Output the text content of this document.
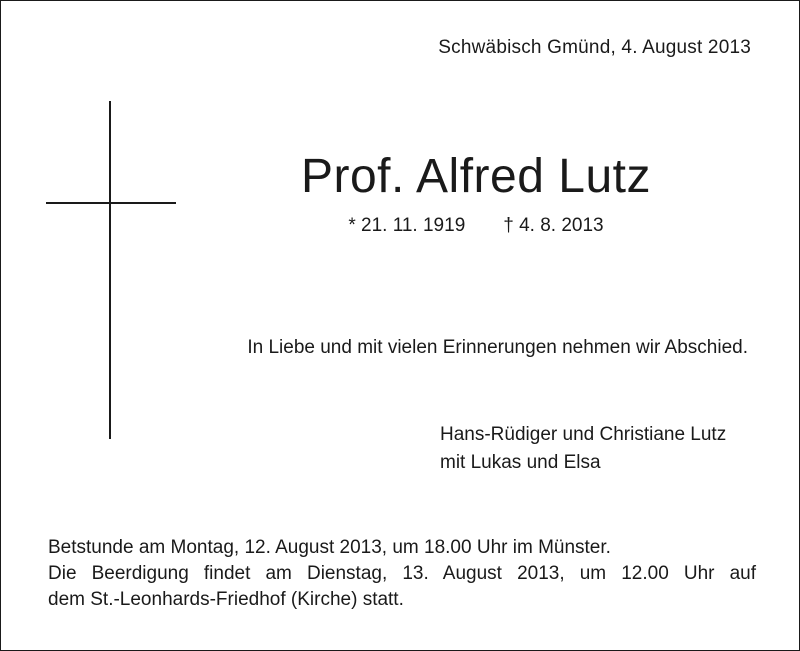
Schwäbisch Gmünd, 4. August 2013
Prof. Alfred Lutz
* 21. 11. 1919 † 4. 8. 2013
In Liebe und mit vielen Erinnerungen nehmen wir Abschied.
Hans-Rüdiger und Christiane Lutz
mit Lukas und Elsa
Betstunde am Montag, 12. August 2013, um 18.00 Uhr im Münster.
Die Beerdigung findet am Dienstag, 13. August 2013, um 12.00 Uhr auf
dem St.-Leonhards-Friedhof (Kirche) statt.
